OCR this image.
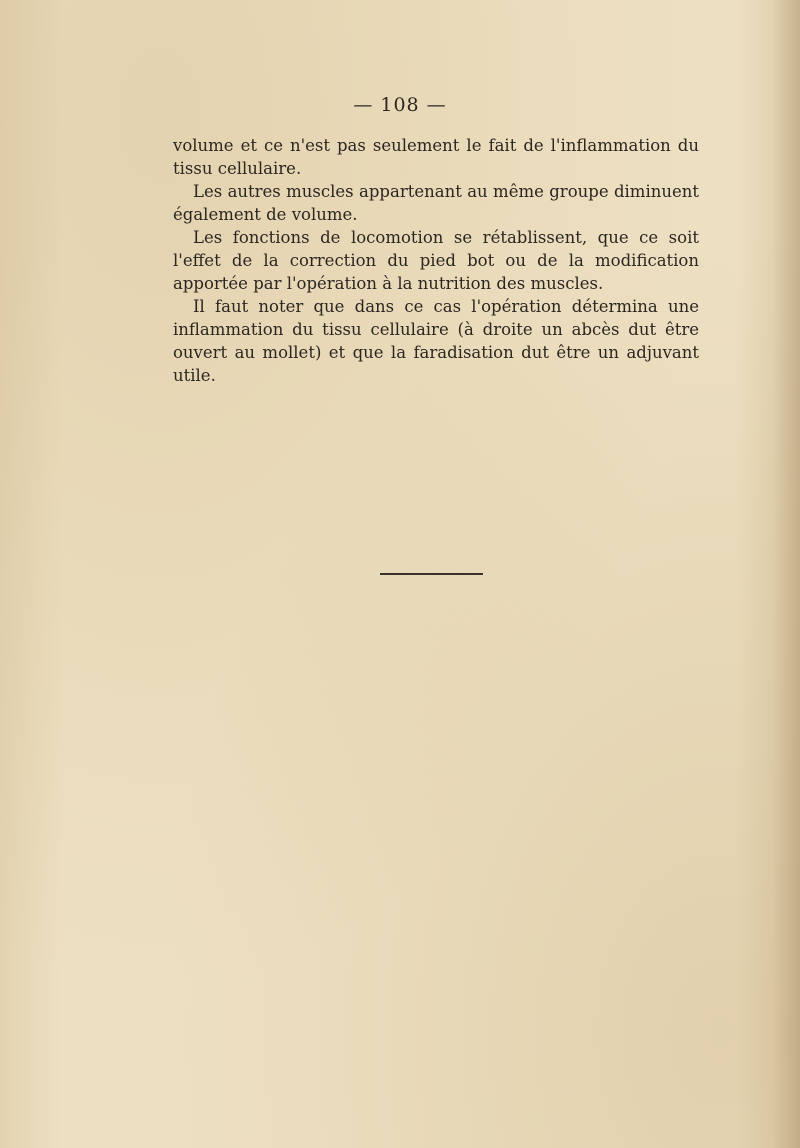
— 108 —

volume et ce n'est pas seulement le fait de l'inflammation du tissu cellulaire.

Les autres muscles appartenant au même groupe diminuent également de volume.

Les fonctions de locomotion se rétablissent, que ce soit l'effet de la correction du pied bot ou de la modification apportée par l'opération à la nutrition des muscles.

Il faut noter que dans ce cas l'opération détermina une inflammation du tissu cellulaire (à droite un abcès dut être ouvert au mollet) et que la faradisation dut être un adjuvant utile.
